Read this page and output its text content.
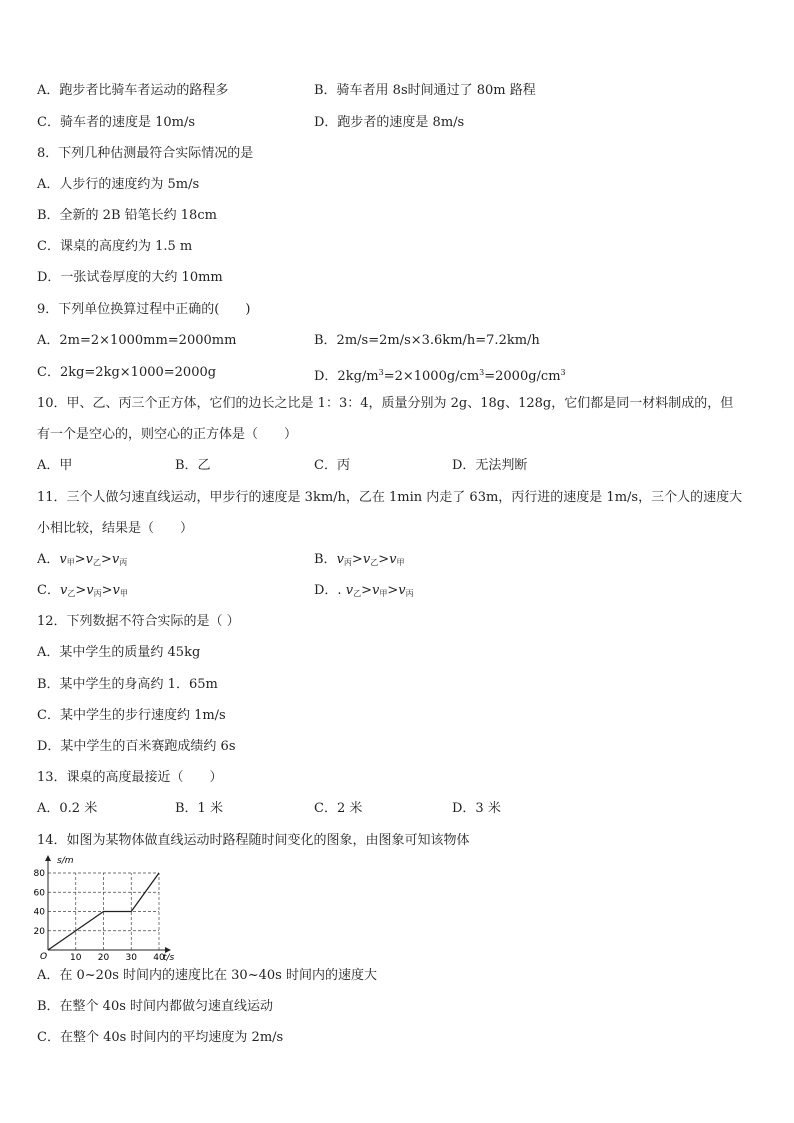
A．跑步者比骑车者运动的路程多	B．骑车者用 8s时间通过了 80m 路程
C．骑车者的速度是 10m/s	D．跑步者的速度是 8m/s
8．下列几种估测最符合实际情况的是
A．人步行的速度约为 5m/s
B．全新的 2B 铅笔长约 18cm
C．课桌的高度约为 1.5 m
D．一张试卷厚度的大约 10mm
9．下列单位换算过程中正确的(　　)
A．2m=2×1000mm=2000mm	B．2m/s=2m/s×3.6km/h=7.2km/h
C．2kg=2kg×1000=2000g	D．$2kg/m^3=2\times 1000g/cm^3=2000g/cm^3$
10．甲、乙、丙三个正方体，它们的边长之比是 1：3：4，质量分别为 2g、18g、128g，它们都是同一材料制成的，但
有一个是空心的，则空心的正方体是（　　）
A．甲	B．乙	C．丙	D．无法判断
11．三个人做匀速直线运动，甲步行的速度是 3km/h，乙在 1min 内走了 63m，丙行进的速度是 1m/s，三个人的速度大
小相比较，结果是（　　）
A．$v_甲>v_乙>v_丙$	B．$v_丙>v_乙>v_甲$
C．$v_乙>v_丙>v_甲$	D．. $v_乙>v_甲>v_丙$
12．下列数据不符合实际的是（ ）
A．某中学生的质量约 45kg
B．某中学生的身高约 1．65m
C．某中学生的步行速度约 1m/s
D．某中学生的百米赛跑成绩约 6s
13．课桌的高度最接近（　　）
A．0.2 米	B．1 米	C．2 米	D．3 米
14．如图为某物体做直线运动时路程随时间变化的图象，由图象可知该物体
10 20 30 40
20
40
60
80
s/m
t/s
O
A．在 0~20s 时间内的速度比在 30~40s 时间内的速度大
B．在整个 40s 时间内都做匀速直线运动
C．在整个 40s 时间内的平均速度为 2m/s
